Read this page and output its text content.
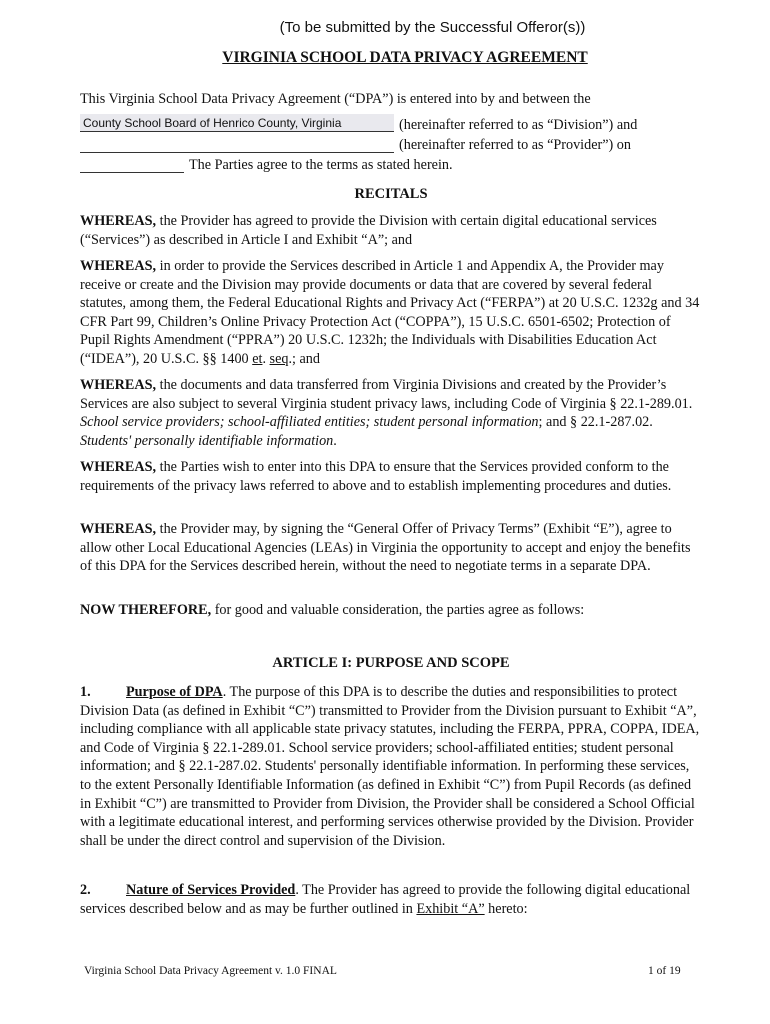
(To be submitted by the Successful Offeror(s))
VIRGINIA SCHOOL DATA PRIVACY AGREEMENT
This Virginia School Data Privacy Agreement (“DPA”) is entered into by and between the
County School Board of Henrico County, Virginia	(hereinafter referred to as “Division”) and
(hereinafter referred to as “Provider”) on
The Parties agree to the terms as stated herein.
RECITALS
WHEREAS, the Provider has agreed to provide the Division with certain digital educational services (“Services”) as described in Article I and Exhibit “A”; and
WHEREAS, in order to provide the Services described in Article 1 and Appendix A, the Provider may receive or create and the Division may provide documents or data that are covered by several federal statutes, among them, the Federal Educational Rights and Privacy Act (“FERPA”) at 20 U.S.C. 1232g and 34 CFR Part 99, Children’s Online Privacy Protection Act (“COPPA”), 15 U.S.C. 6501-6502; Protection of Pupil Rights Amendment (“PPRA”) 20 U.S.C. 1232h; the Individuals with Disabilities Education Act (“IDEA”), 20 U.S.C. §§ 1400 et. seq.; and
WHEREAS, the documents and data transferred from Virginia Divisions and created by the Provider’s Services are also subject to several Virginia student privacy laws, including Code of Virginia § 22.1-289.01. School service providers; school-affiliated entities; student personal information; and § 22.1-287.02. Students' personally identifiable information.
WHEREAS, the Parties wish to enter into this DPA to ensure that the Services provided conform to the requirements of the privacy laws referred to above and to establish implementing procedures and duties.
WHEREAS, the Provider may, by signing the “General Offer of Privacy Terms” (Exhibit “E”), agree to allow other Local Educational Agencies (LEAs) in Virginia the opportunity to accept and enjoy the benefits of this DPA for the Services described herein, without the need to negotiate terms in a separate DPA.
NOW THEREFORE, for good and valuable consideration, the parties agree as follows:
ARTICLE I: PURPOSE AND SCOPE
1. Purpose of DPA. The purpose of this DPA is to describe the duties and responsibilities to protect Division Data (as defined in Exhibit “C”) transmitted to Provider from the Division pursuant to Exhibit “A”, including compliance with all applicable state privacy statutes, including the FERPA, PPRA, COPPA, IDEA, and Code of Virginia § 22.1-289.01. School service providers; school-affiliated entities; student personal information; and § 22.1-287.02. Students' personally identifiable information. In performing these services, to the extent Personally Identifiable Information (as defined in Exhibit “C”) from Pupil Records (as defined in Exhibit “C”) are transmitted to Provider from Division, the Provider shall be considered a School Official with a legitimate educational interest, and performing services otherwise provided by the Division. Provider shall be under the direct control and supervision of the Division.
2. Nature of Services Provided. The Provider has agreed to provide the following digital educational services described below and as may be further outlined in Exhibit “A” hereto:
Virginia School Data Privacy Agreement v. 1.0 FINAL	1 of 19
